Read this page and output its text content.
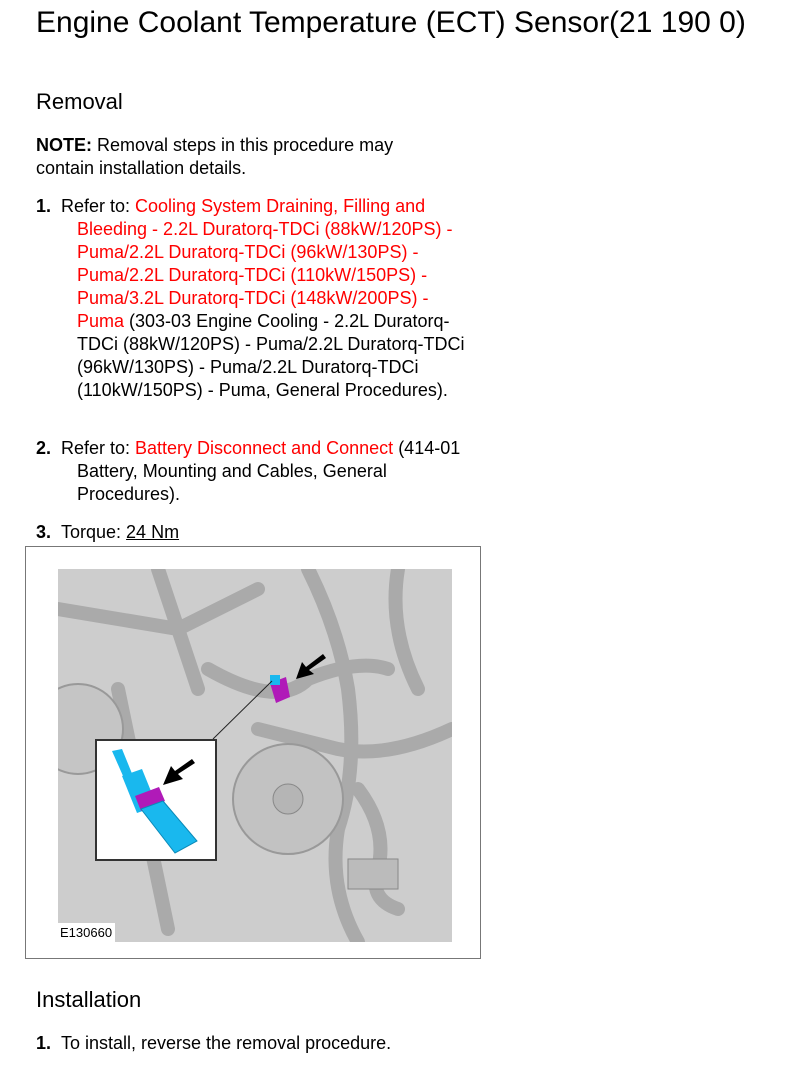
Engine Coolant Temperature (ECT) Sensor(21 190 0)
Removal

NOTE: Removal steps in this procedure may contain installation details.

1. Refer to: Cooling System Draining, Filling and Bleeding - 2.2L Duratorq-TDCi (88kW/120PS) - Puma/2.2L Duratorq-TDCi (96kW/130PS) - Puma/2.2L Duratorq-TDCi (110kW/150PS) - Puma/3.2L Duratorq-TDCi (148kW/200PS) - Puma (303-03 Engine Cooling - 2.2L Duratorq-TDCi (88kW/120PS) - Puma/2.2L Duratorq-TDCi (96kW/130PS) - Puma/2.2L Duratorq-TDCi (110kW/150PS) - Puma, General Procedures).

2. Refer to: Battery Disconnect and Connect (414-01 Battery, Mounting and Cables, General Procedures).

3. Torque: 24 Nm

E130660
Installation

1. To install, reverse the removal procedure.
